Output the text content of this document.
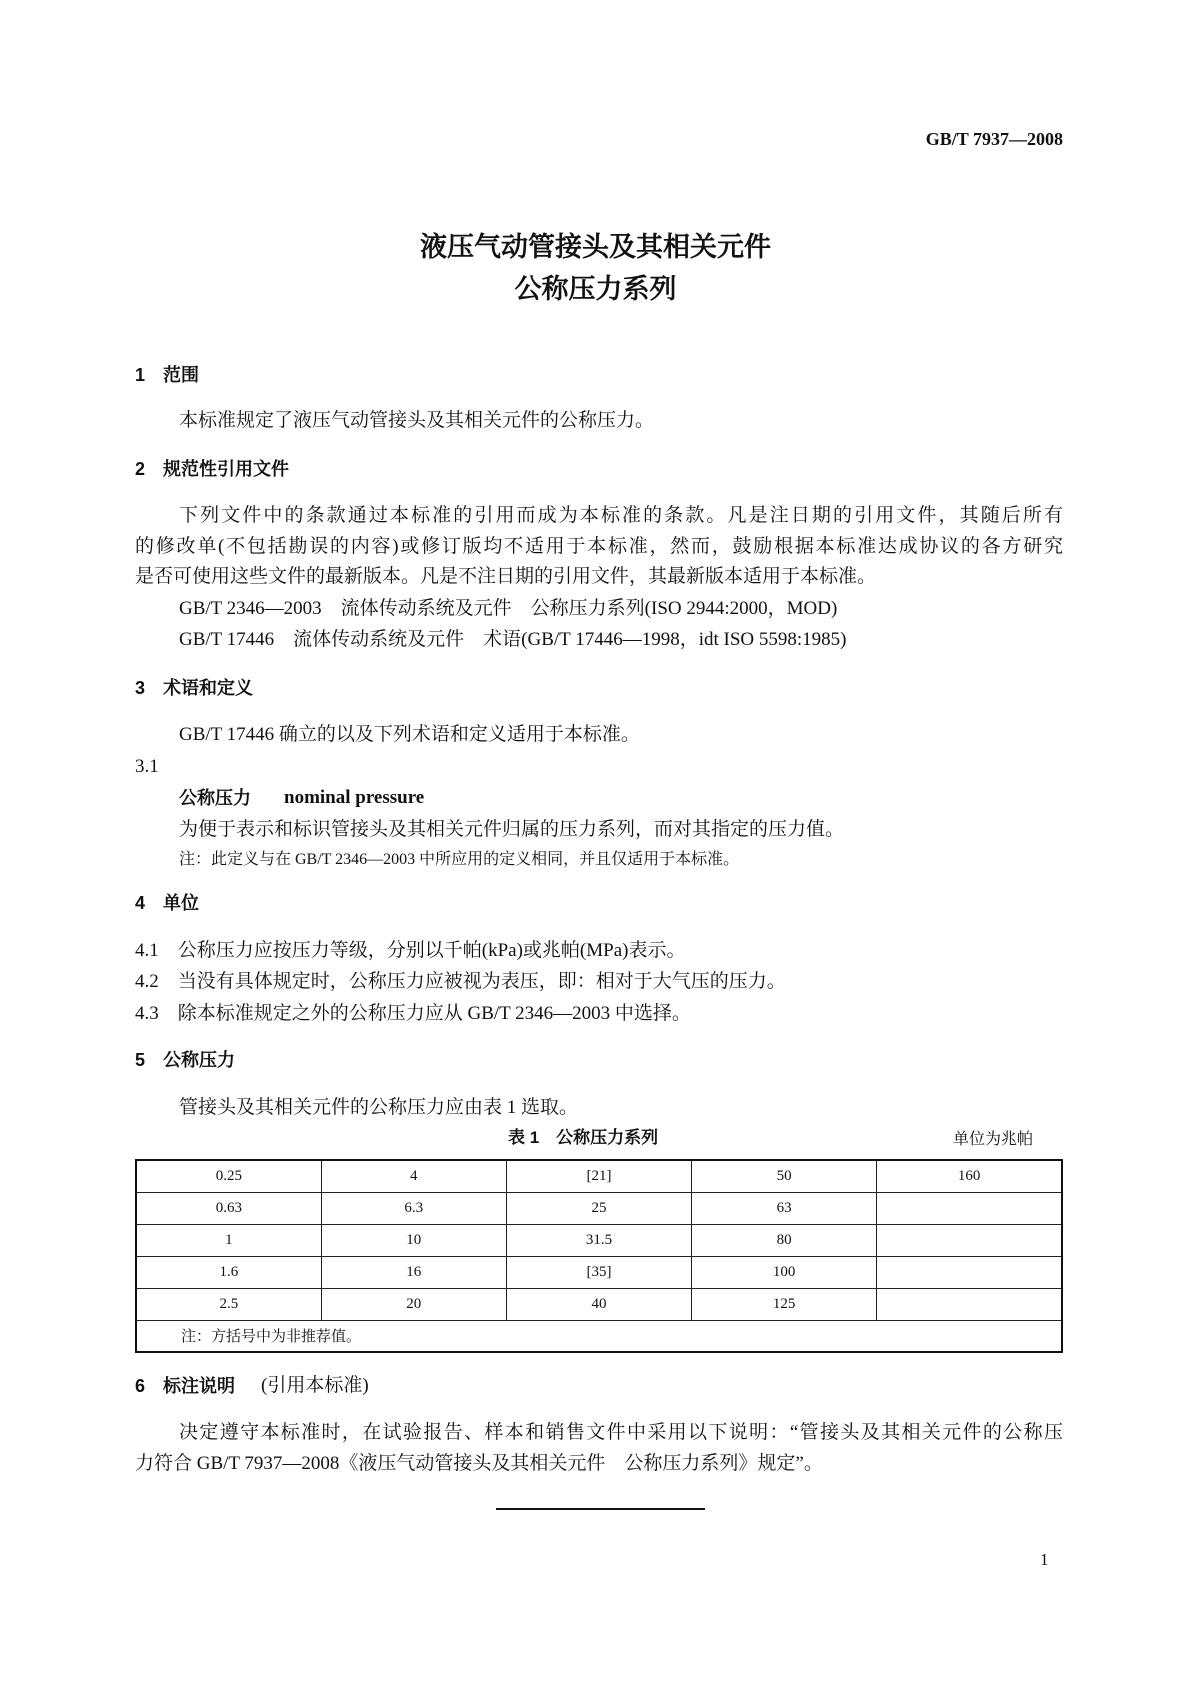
GB/T 7937—2008
液压气动管接头及其相关元件
公称压力系列
1　范围
本标准规定了液压气动管接头及其相关元件的公称压力。
2　规范性引用文件
下列文件中的条款通过本标准的引用而成为本标准的条款。凡是注日期的引用文件，其随后所有
的修改单(不包括勘误的内容)或修订版均不适用于本标准，然而，鼓励根据本标准达成协议的各方研究
是否可使用这些文件的最新版本。凡是不注日期的引用文件，其最新版本适用于本标准。
GB/T 2346—2003　流体传动系统及元件　公称压力系列(ISO 2944:2000，MOD)
GB/T 17446　流体传动系统及元件　术语(GB/T 17446—1998，idt ISO 5598:1985)
3　术语和定义
GB/T 17446 确立的以及下列术语和定义适用于本标准。
3.1
公称压力 nominal pressure
为便于表示和标识管接头及其相关元件归属的压力系列，而对其指定的压力值。
注：此定义与在 GB/T 2346—2003 中所应用的定义相同，并且仅适用于本标准。
4　单位
4.1　公称压力应按压力等级，分别以千帕(kPa)或兆帕(MPa)表示。
4.2　当没有具体规定时，公称压力应被视为表压，即：相对于大气压的压力。
4.3　除本标准规定之外的公称压力应从 GB/T 2346—2003 中选择。
5　公称压力
管接头及其相关元件的公称压力应由表 1 选取。
表 1　公称压力系列	单位为兆帕
0.25	4	[21]	50	160
0.63	6.3	25	63	
1	10	31.5	80	
1.6	16	[35]	100	
2.5	20	40	125	
注：方括号中为非推荐值。				
6　标注说明 (引用本标准)
决定遵守本标准时，在试验报告、样本和销售文件中采用以下说明：“管接头及其相关元件的公称压
力符合 GB/T 7937—2008《液压气动管接头及其相关元件　公称压力系列》规定”。
1
